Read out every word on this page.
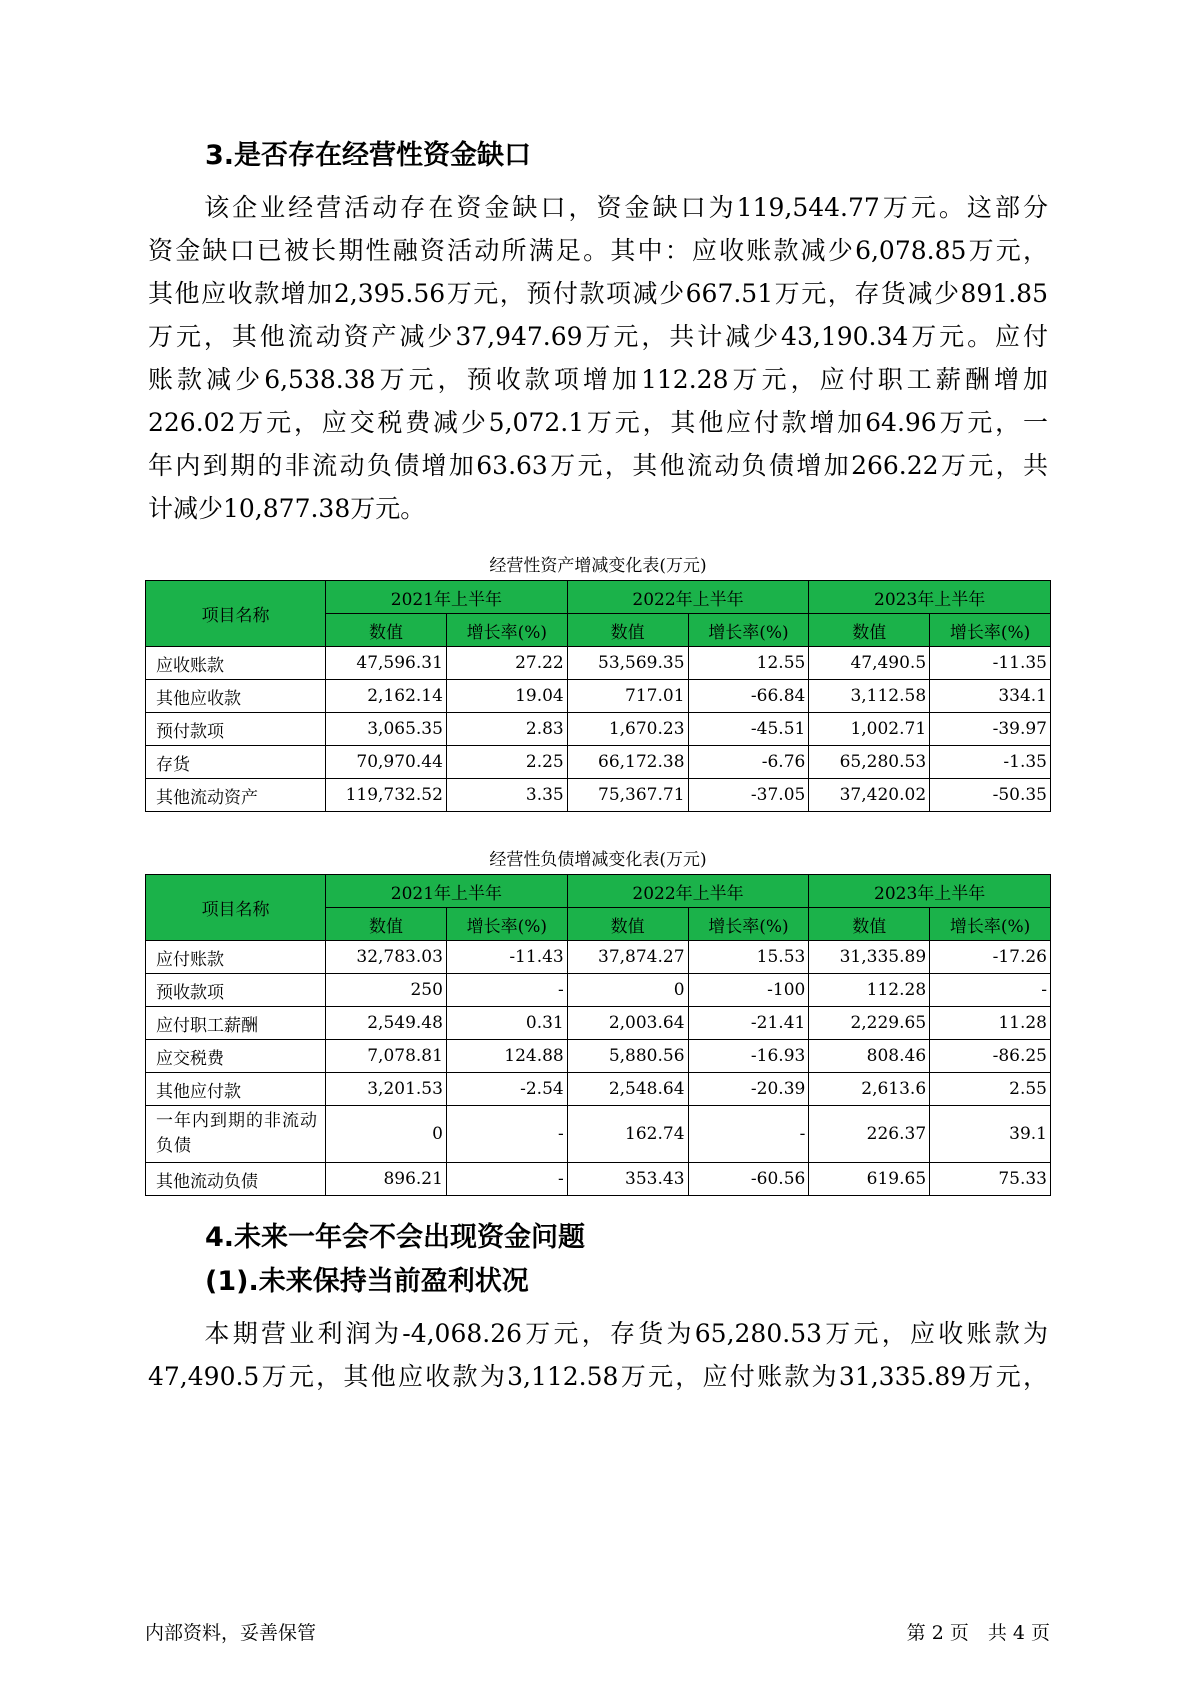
3.是否存在经营性资金缺口
　　该企业经营活动存在资金缺口，资金缺口为119,544.77万元。这部分
资金缺口已被长期性融资活动所满足。其中：应收账款减少6,078.85万元，
其他应收款增加2,395.56万元，预付款项减少667.51万元，存货减少891.85
万元，其他流动资产减少37,947.69万元，共计减少43,190.34万元。应付
账款减少6,538.38万元，预收款项增加112.28万元，应付职工薪酬增加
226.02万元，应交税费减少5,072.1万元，其他应付款增加64.96万元，一
年内到期的非流动负债增加63.63万元，其他流动负债增加266.22万元，共
计减少10,877.38万元。
经营性资产增减变化表(万元)
项目名称	2021年上半年		2022年上半年		2023年上半年	
	数值	增长率(%)	数值	增长率(%)	数值	增长率(%)
应收账款	47,596.31	27.22	53,569.35	12.55	47,490.5	-11.35
其他应收款	2,162.14	19.04	717.01	-66.84	3,112.58	334.1
预付款项	3,065.35	2.83	1,670.23	-45.51	1,002.71	-39.97
存货	70,970.44	2.25	66,172.38	-6.76	65,280.53	-1.35
其他流动资产	119,732.52	3.35	75,367.71	-37.05	37,420.02	-50.35
经营性负债增减变化表(万元)
项目名称	2021年上半年		2022年上半年		2023年上半年	
	数值	增长率(%)	数值	增长率(%)	数值	增长率(%)
应付账款	32,783.03	-11.43	37,874.27	15.53	31,335.89	-17.26
预收款项	250	-	0	-100	112.28	-
应付职工薪酬	2,549.48	0.31	2,003.64	-21.41	2,229.65	11.28
应交税费	7,078.81	124.88	5,880.56	-16.93	808.46	-86.25
其他应付款	3,201.53	-2.54	2,548.64	-20.39	2,613.6	2.55
一年内到期的非流动负债	0	-	162.74	-	226.37	39.1
其他流动负债	896.21	-	353.43	-60.56	619.65	75.33
4.未来一年会不会出现资金问题
(1).未来保持当前盈利状况
　　本期营业利润为-4,068.26万元，存货为65,280.53万元，应收账款为
47,490.5万元，其他应收款为3,112.58万元，应付账款为31,335.89万元，
内部资料，妥善保管	第 2 页　共 4 页
